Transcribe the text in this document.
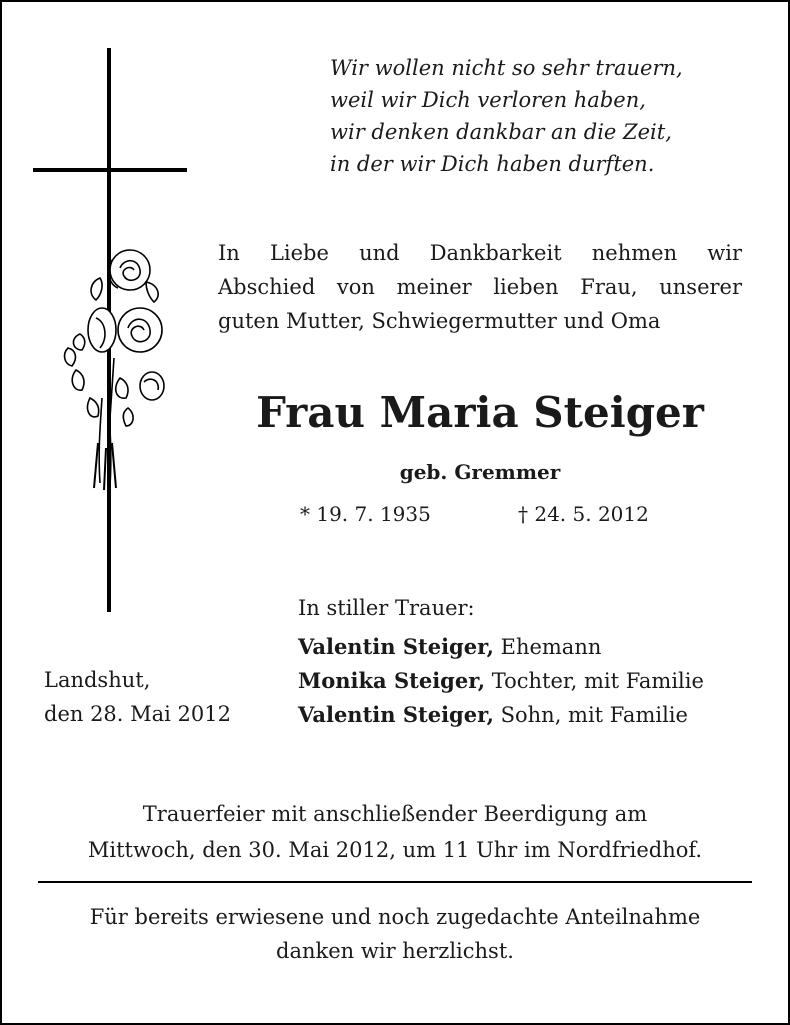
Wir wollen nicht so sehr trauern,
weil wir Dich verloren haben,
wir denken dankbar an die Zeit,
in der wir Dich haben durften.
In Liebe und Dankbarkeit nehmen wir
Abschied von meiner lieben Frau, unserer
guten Mutter, Schwiegermutter und Oma
Frau Maria Steiger
geb. Gremmer
* 19. 7. 1935	† 24. 5. 2012
In stiller Trauer:
Valentin Steiger, Ehemann
Monika Steiger, Tochter, mit Familie
Valentin Steiger, Sohn, mit Familie
Landshut,
den 28. Mai 2012
Trauerfeier mit anschließender Beerdigung am
Mittwoch, den 30. Mai 2012, um 11 Uhr im Nordfriedhof.
Für bereits erwiesene und noch zugedachte Anteilnahme
danken wir herzlichst.
